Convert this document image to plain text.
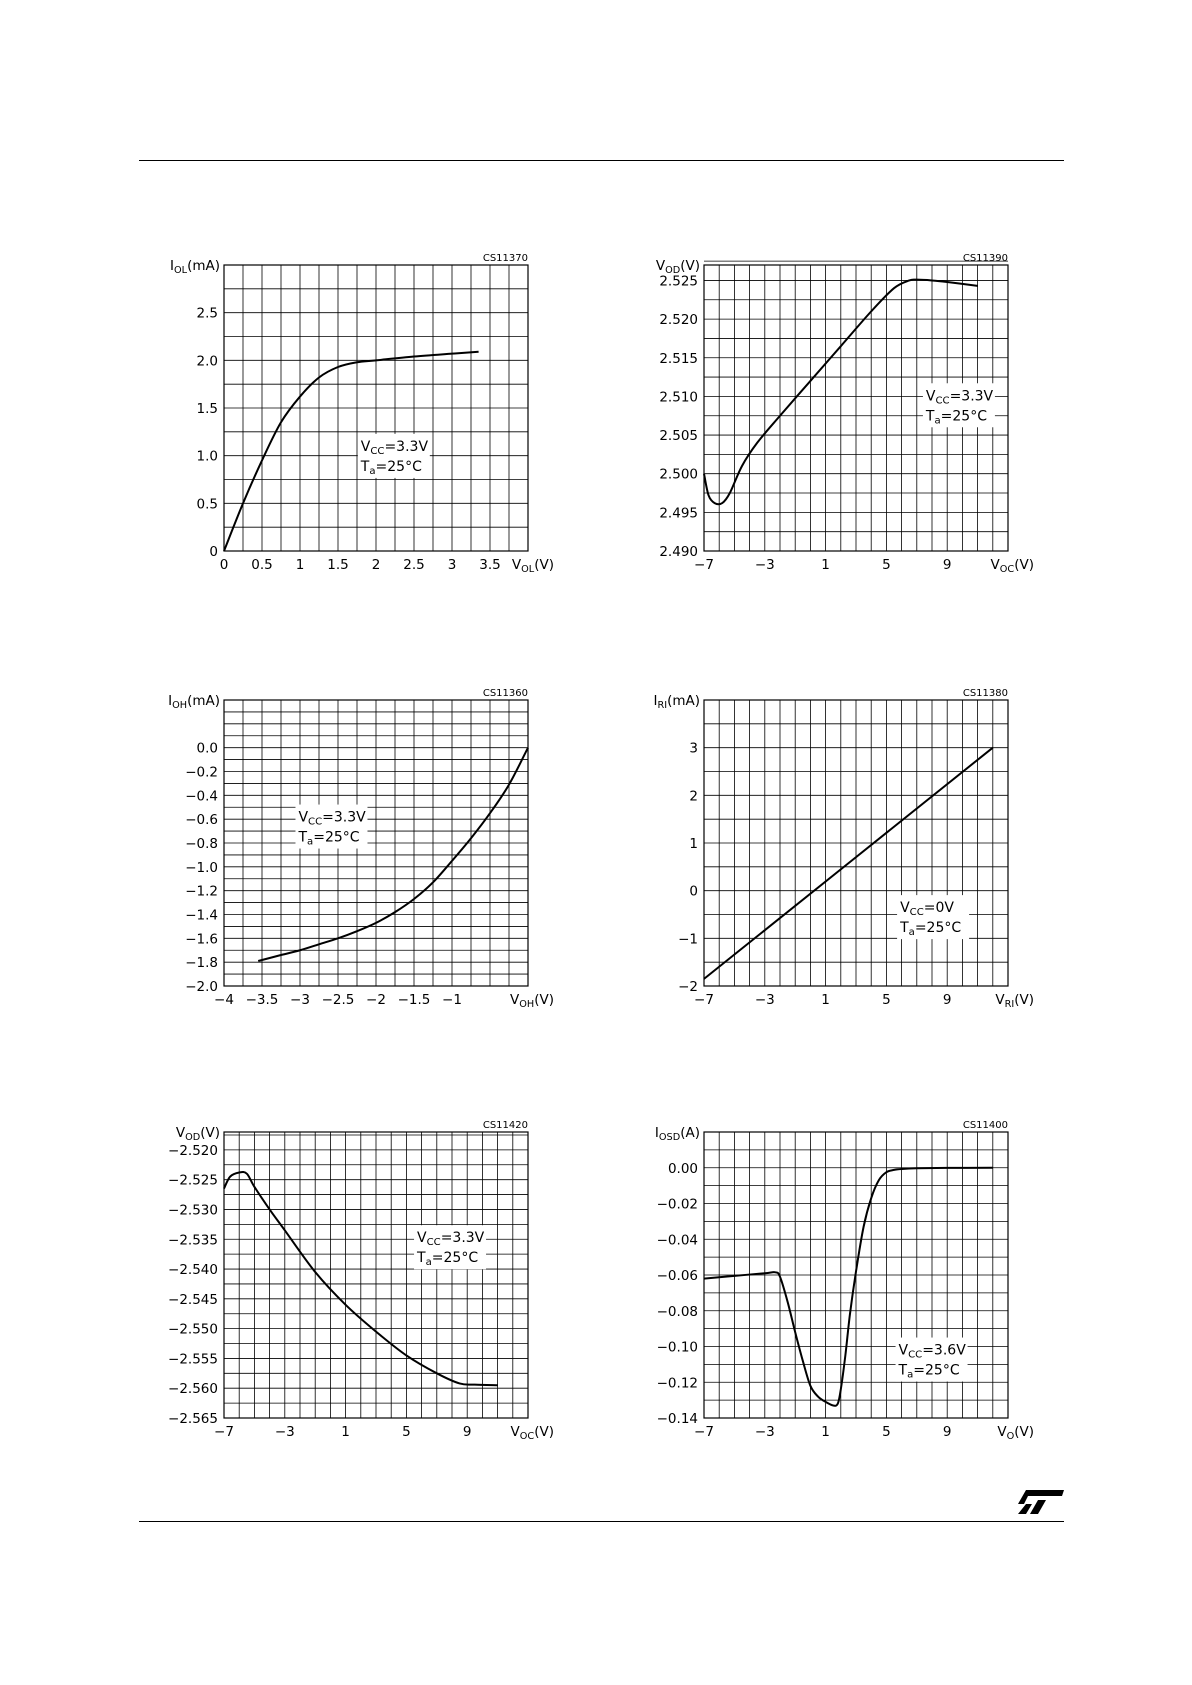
0
0.5
1.0
1.5
2.0
2.5
0 0.5 1 1.5 2 2.5 3 3.5
$I_{OL}(mA)$
$V_{OL}(V)$
CS11370
$V_{CC}=3.3V$
$T_a=25^\circ C$
2.490
2.495
2.500
2.505
2.510
2.515
2.520
2.525
−7	−3	1	5	9
$V_{OD}(V)$
$V_{OC}(V)$
CS11390
$V_{CC}=3.3V$
$T_a=25^\circ C$
−2.0
−1.8
−1.6
−1.4
−1.2
−1.0
−0.8
−0.6
−0.4
−0.2
0.0
−4 −3.5 −3 −2.5 −2 −1.5 −1
$I_{OH}(mA)$
$V_{OH}(V)$
CS11360
$V_{CC}=3.3V$
$T_a=25^\circ C$
−2
−1
0
1
2
3
−7	−3	1	5	9
$I_{RI}(mA)$
$V_{RI}(V)$
CS11380
$V_{CC}=0V$
$T_a=25^\circ C$
−2.565
−2.560
−2.555
−2.550
−2.545
−2.540
−2.535
−2.530
−2.525
−2.520
−7	−3	1	5	9
$V_{OD}(V)$
$V_{OC}(V)$
CS11420
$V_{CC}=3.3V$
$T_a=25^\circ C$
−0.14
−0.12
−0.10
−0.08
−0.06
−0.04
−0.02
0.00
−7	−3	1	5	9
$I_{OSD}(A)$
$V_O(V)$
CS11400
$V_{CC}=3.6V$
$T_a=25^\circ C$
